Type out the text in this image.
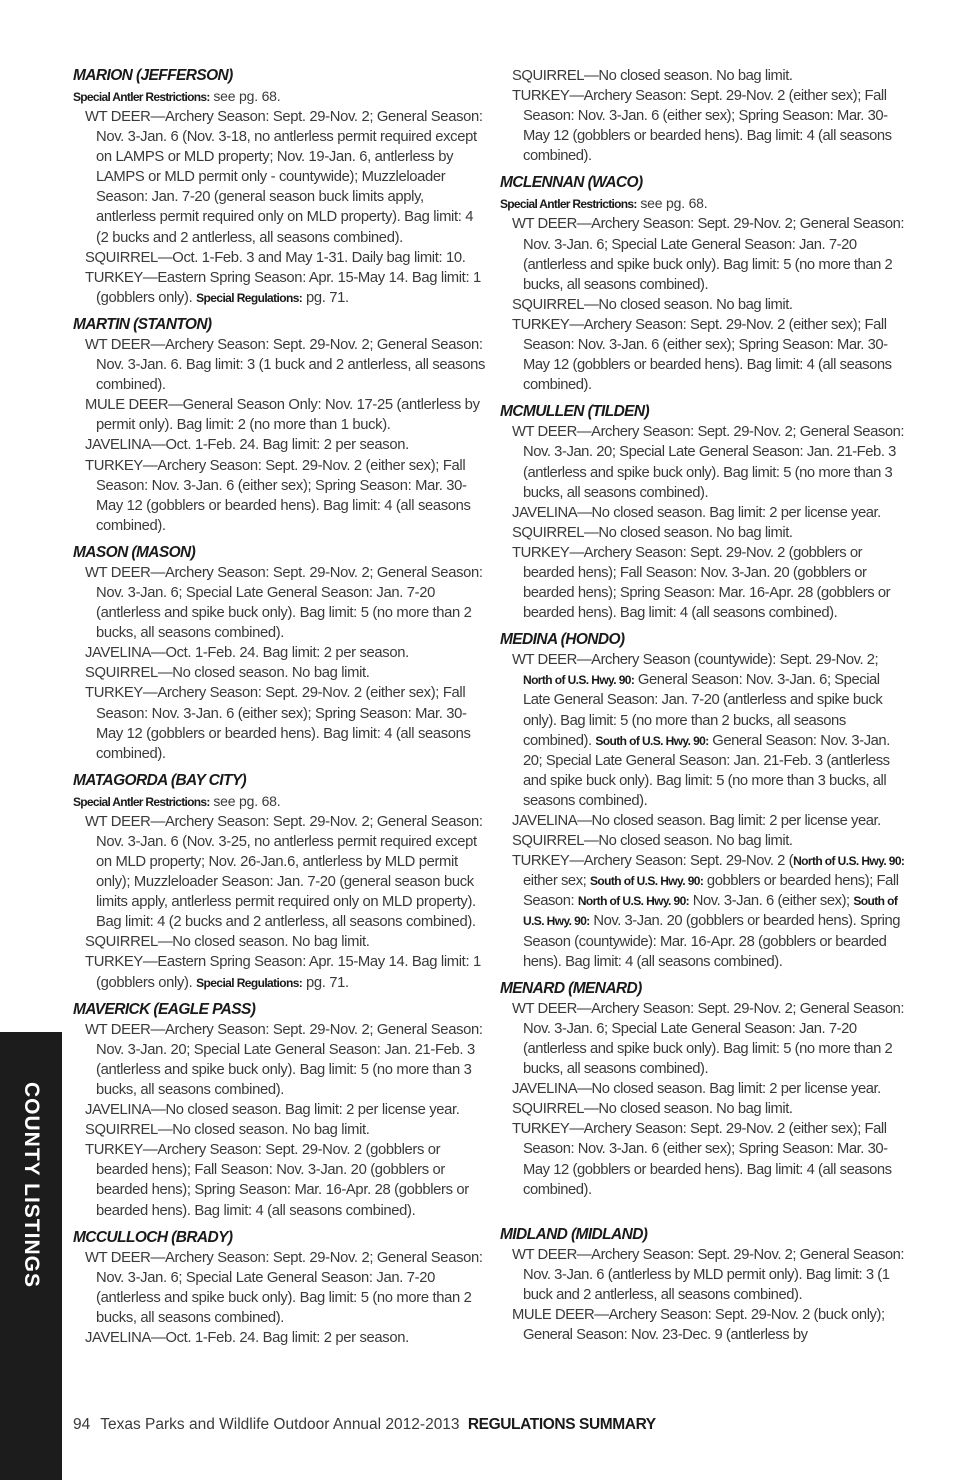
COUNTY LISTINGS
MARION (JEFFERSON)
Special Antler Restrictions: see pg. 68.
WT DEER—Archery Season: Sept. 29-Nov. 2; General Season: Nov. 3-Jan. 6 (Nov. 3-18, no antlerless permit required except on LAMPS or MLD property; Nov. 19-Jan. 6, antlerless by LAMPS or MLD permit only - countywide); Muzzleloader Season: Jan. 7-20 (general season buck limits apply, antlerless permit required only on MLD property). Bag limit: 4 (2 bucks and 2 antlerless, all seasons combined).
SQUIRREL—Oct. 1-Feb. 3 and May 1-31. Daily bag limit: 10.
TURKEY—Eastern Spring Season: Apr. 15-May 14. Bag limit: 1 (gobblers only). Special Regulations: pg. 71.
MARTIN (STANTON)
WT DEER—Archery Season: Sept. 29-Nov. 2; General Season: Nov. 3-Jan. 6. Bag limit: 3 (1 buck and 2 antlerless, all seasons combined).
MULE DEER—General Season Only: Nov. 17-25 (antlerless by permit only). Bag limit: 2 (no more than 1 buck).
JAVELINA—Oct. 1-Feb. 24. Bag limit: 2 per season.
TURKEY—Archery Season: Sept. 29-Nov. 2 (either sex); Fall Season: Nov. 3-Jan. 6 (either sex); Spring Season: Mar. 30-May 12 (gobblers or bearded hens). Bag limit: 4 (all seasons combined).
MASON (MASON)
WT DEER—Archery Season: Sept. 29-Nov. 2; General Season: Nov. 3-Jan. 6; Special Late General Season: Jan. 7-20 (antlerless and spike buck only). Bag limit: 5 (no more than 2 bucks, all seasons combined).
JAVELINA—Oct. 1-Feb. 24. Bag limit: 2 per season.
SQUIRREL—No closed season. No bag limit.
TURKEY—Archery Season: Sept. 29-Nov. 2 (either sex); Fall Season: Nov. 3-Jan. 6 (either sex); Spring Season: Mar. 30-May 12 (gobblers or bearded hens). Bag limit: 4 (all seasons combined).
MATAGORDA (BAY CITY)
Special Antler Restrictions: see pg. 68.
WT DEER—Archery Season: Sept. 29-Nov. 2; General Season: Nov. 3-Jan. 6 (Nov. 3-25, no antlerless permit required except on MLD property; Nov. 26-Jan.6, antlerless by MLD permit only); Muzzleloader Season: Jan. 7-20 (general season buck limits apply, antlerless permit required only on MLD property). Bag limit: 4 (2 bucks and 2 antlerless, all seasons combined).
SQUIRREL—No closed season. No bag limit.
TURKEY—Eastern Spring Season: Apr. 15-May 14. Bag limit: 1 (gobblers only). Special Regulations: pg. 71.
MAVERICK (EAGLE PASS)
WT DEER—Archery Season: Sept. 29-Nov. 2; General Season: Nov. 3-Jan. 20; Special Late General Season: Jan. 21-Feb. 3 (antlerless and spike buck only). Bag limit: 5 (no more than 3 bucks, all seasons combined).
JAVELINA—No closed season. Bag limit: 2 per license year.
SQUIRREL—No closed season. No bag limit.
TURKEY—Archery Season: Sept. 29-Nov. 2 (gobblers or bearded hens); Fall Season: Nov. 3-Jan. 20 (gobblers or bearded hens); Spring Season: Mar. 16-Apr. 28 (gobblers or bearded hens). Bag limit: 4 (all seasons combined).
MCCULLOCH (BRADY)
WT DEER—Archery Season: Sept. 29-Nov. 2; General Season: Nov. 3-Jan. 6; Special Late General Season: Jan. 7-20 (antlerless and spike buck only). Bag limit: 5 (no more than 2 bucks, all seasons combined).
JAVELINA—Oct. 1-Feb. 24. Bag limit: 2 per season.
SQUIRREL—No closed season. No bag limit.
TURKEY—Archery Season: Sept. 29-Nov. 2 (either sex); Fall Season: Nov. 3-Jan. 6 (either sex); Spring Season: Mar. 30-May 12 (gobblers or bearded hens). Bag limit: 4 (all seasons combined).
MCLENNAN (WACO)
Special Antler Restrictions: see pg. 68.
WT DEER—Archery Season: Sept. 29-Nov. 2; General Season: Nov. 3-Jan. 6; Special Late General Season: Jan. 7-20 (antlerless and spike buck only). Bag limit: 5 (no more than 2 bucks, all seasons combined).
SQUIRREL—No closed season. No bag limit.
TURKEY—Archery Season: Sept. 29-Nov. 2 (either sex); Fall Season: Nov. 3-Jan. 6 (either sex); Spring Season: Mar. 30-May 12 (gobblers or bearded hens). Bag limit: 4 (all seasons combined).
MCMULLEN (TILDEN)
WT DEER—Archery Season: Sept. 29-Nov. 2; General Season: Nov. 3-Jan. 20; Special Late General Season: Jan. 21-Feb. 3 (antlerless and spike buck only). Bag limit: 5 (no more than 3 bucks, all seasons combined).
JAVELINA—No closed season. Bag limit: 2 per license year.
SQUIRREL—No closed season. No bag limit.
TURKEY—Archery Season: Sept. 29-Nov. 2 (gobblers or bearded hens); Fall Season: Nov. 3-Jan. 20 (gobblers or bearded hens); Spring Season: Mar. 16-Apr. 28 (gobblers or bearded hens). Bag limit: 4 (all seasons combined).
MEDINA (HONDO)
WT DEER—Archery Season (countywide): Sept. 29-Nov. 2; North of U.S. Hwy. 90: General Season: Nov. 3-Jan. 6; Special Late General Season: Jan. 7-20 (antlerless and spike buck only). Bag limit: 5 (no more than 2 bucks, all seasons combined). South of U.S. Hwy. 90: General Season: Nov. 3-Jan. 20; Special Late General Season: Jan. 21-Feb. 3 (antlerless and spike buck only). Bag limit: 5 (no more than 3 bucks, all seasons combined).
JAVELINA—No closed season. Bag limit: 2 per license year.
SQUIRREL—No closed season. No bag limit.
TURKEY—Archery Season: Sept. 29-Nov. 2 (North of U.S. Hwy. 90: either sex; South of U.S. Hwy. 90: gobblers or bearded hens); Fall Season: North of U.S. Hwy. 90: Nov. 3-Jan. 6 (either sex); South of U.S. Hwy. 90: Nov. 3-Jan. 20 (gobblers or bearded hens). Spring Season (countywide): Mar. 16-Apr. 28 (gobblers or bearded hens). Bag limit: 4 (all seasons combined).
MENARD (MENARD)
WT DEER—Archery Season: Sept. 29-Nov. 2; General Season: Nov. 3-Jan. 6; Special Late General Season: Jan. 7-20 (antlerless and spike buck only). Bag limit: 5 (no more than 2 bucks, all seasons combined).
JAVELINA—No closed season. Bag limit: 2 per license year.
SQUIRREL—No closed season. No bag limit.
TURKEY—Archery Season: Sept. 29-Nov. 2 (either sex); Fall Season: Nov. 3-Jan. 6 (either sex); Spring Season: Mar. 30-May 12 (gobblers or bearded hens). Bag limit: 4 (all seasons combined).
MIDLAND (MIDLAND)
WT DEER—Archery Season: Sept. 29-Nov. 2; General Season: Nov. 3-Jan. 6 (antlerless by MLD permit only). Bag limit: 3 (1 buck and 2 antlerless, all seasons combined).
MULE DEER—Archery Season: Sept. 29-Nov. 2 (buck only); General Season: Nov. 23-Dec. 9 (antlerless by
94 Texas Parks and Wildlife Outdoor Annual 2012-2013 REGULATIONS SUMMARY
